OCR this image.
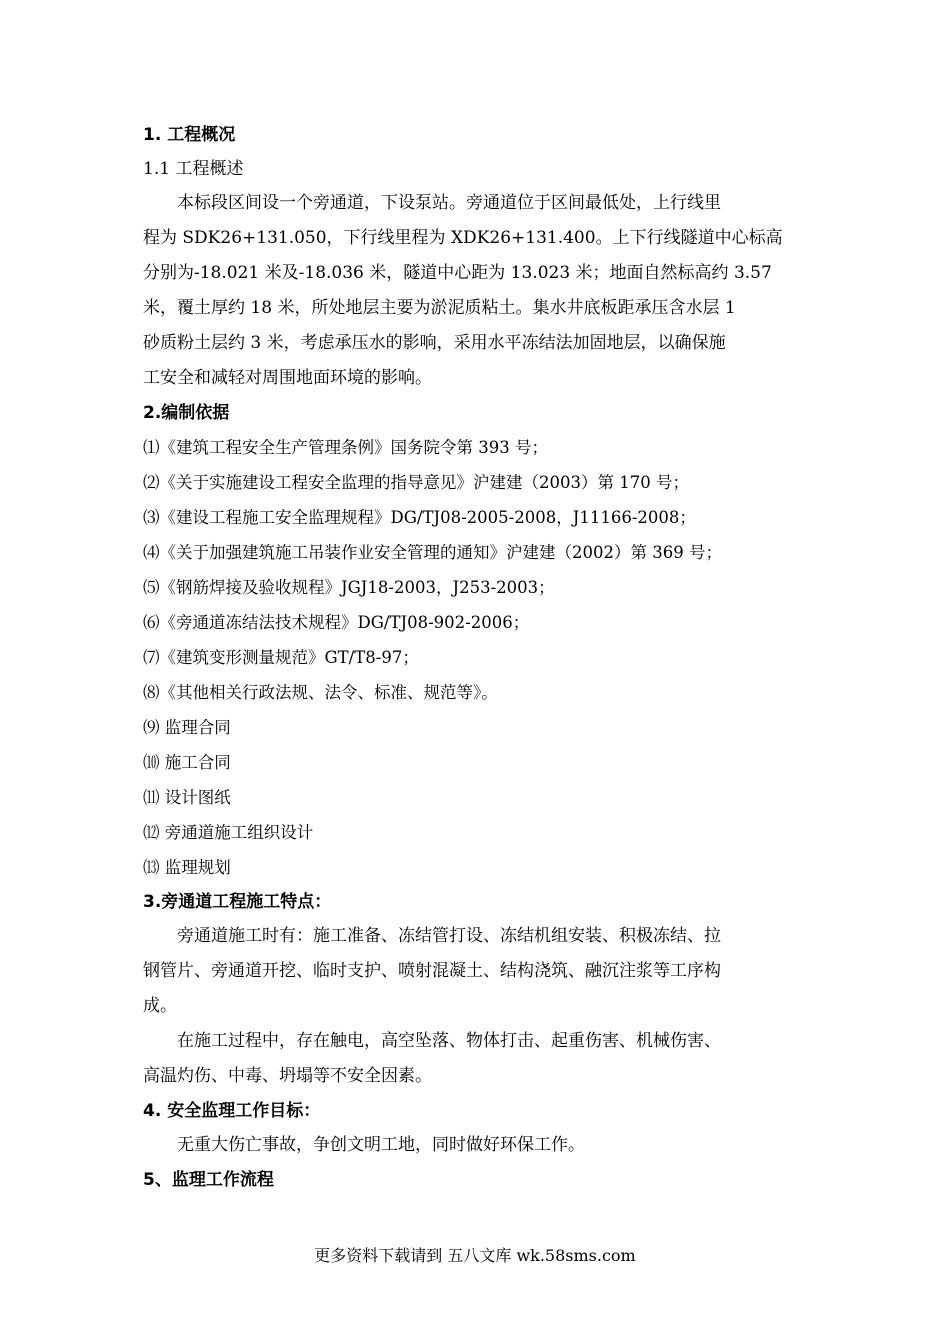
1. 工程概况

1.1 工程概述

本标段区间设一个旁通道，下设泵站。旁通道位于区间最低处，上行线里
程为 SDK26+131.050，下行线里程为 XDK26+131.400。上下行线隧道中心标高
分别为-18.021 米及-18.036 米，隧道中心距为 13.023 米；地面自然标高约 3.57
米，覆土厚约 18 米，所处地层主要为淤泥质粘土。集水井底板距承压含水层 1
砂质粉土层约 3 米，考虑承压水的影响，采用水平冻结法加固地层，以确保施
工安全和减轻对周围地面环境的影响。

2.编制依据

⑴《建筑工程安全生产管理条例》国务院令第 393 号；

⑵《关于实施建设工程安全监理的指导意见》沪建建（2003）第 170 号；

⑶《建设工程施工安全监理规程》DG/TJ08-2005-2008，J11166-2008；

⑷《关于加强建筑施工吊装作业安全管理的通知》沪建建（2002）第 369 号；

⑸《钢筋焊接及验收规程》JGJ18-2003，J253-2003；

⑹《旁通道冻结法技术规程》DG/TJ08-902-2006；

⑺《建筑变形测量规范》GT/T8-97；

⑻《其他相关行政法规、法令、标准、规范等》。

⑼ 监理合同

⑽ 施工合同

⑾ 设计图纸

⑿ 旁通道施工组织设计

⒀ 监理规划

3.旁通道工程施工特点：

旁通道施工时有：施工准备、冻结管打设、冻结机组安装、积极冻结、拉
钢管片、旁通道开挖、临时支护、喷射混凝土、结构浇筑、融沉注浆等工序构
成。
在施工过程中，存在触电，高空坠落、物体打击、起重伤害、机械伤害、
高温灼伤、中毒、坍塌等不安全因素。

4. 安全监理工作目标：

无重大伤亡事故，争创文明工地，同时做好环保工作。

5、监理工作流程

更多资料下载请到 五八文库 wk.58sms.com
